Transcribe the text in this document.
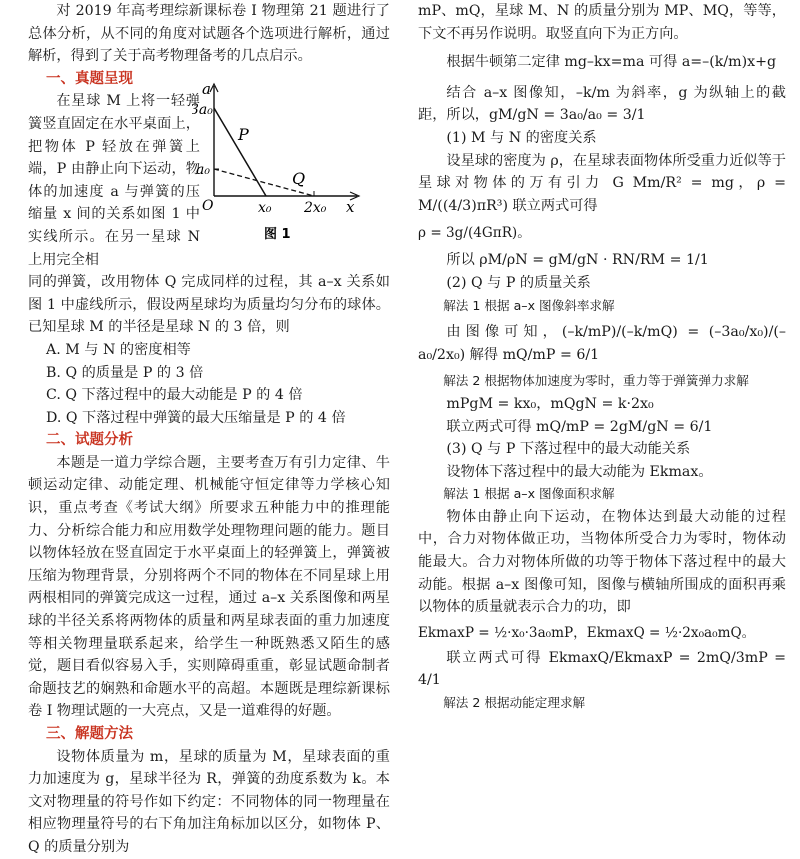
对 2019 年高考理综新课标卷 I 物理第 21 题进行了总体分析，从不同的角度对试题各个选项进行解析，通过解析，得到了关于高考物理备考的几点启示。

一、真题呈现

在星球 M 上将一轻弹簧竖直固定在水平桌面上，把物体 P 轻放在弹簧上端，P 由静止向下运动，物体的加速度 a 与弹簧的压缩量 x 间的关系如图 1 中实线所示。在另一星球 N 上用完全相

同的弹簧，改用物体 Q 完成同样的过程，其 a–x 关系如图 1 中虚线所示，假设两星球均为质量均匀分布的球体。已知星球 M 的半径是星球 N 的 3 倍，则

A. M 与 N 的密度相等

B. Q 的质量是 P 的 3 倍

C. Q 下落过程中的最大动能是 P 的 4 倍

D. Q 下落过程中弹簧的最大压缩量是 P 的 4 倍

二、试题分析

本题是一道力学综合题，主要考查万有引力定律、牛顿运动定律、动能定理、机械能守恒定律等力学核心知识，重点考查《考试大纲》所要求五种能力中的推理能力、分析综合能力和应用数学处理物理问题的能力。题目以物体轻放在竖直固定于水平桌面上的轻弹簧上，弹簧被压缩为物理背景，分别将两个不同的物体在不同星球上用两根相同的弹簧完成这一过程，通过 a–x 关系图像和两星球的半径关系将两物体的质量和两星球表面的重力加速度等相关物理量联系起来，给学生一种既熟悉又陌生的感觉，题目看似容易入手，实则障碍重重，彰显试题命制者命题技艺的娴熟和命题水平的高超。本题既是理综新课标卷 I 物理试题的一大亮点，又是一道难得的好题。

三、解题方法

设物体质量为 m，星球的质量为 M，星球表面的重力加速度为 g，星球半径为 R，弹簧的劲度系数为 k。本文对物理量的符号作如下约定：不同物体的同一物理量在相应物理量符号的右下角加注角标加以区分，如物体 P、Q 的质量分别为

a
3a₀
a₀
P
Q
O	x₀ 2x₀ x
图 1

mP、mQ，星球 M、N 的质量分别为 MP、MQ，等等，下文不再另作说明。取竖直向下为正方向。

根据牛顿第二定律 mg–kx=ma 可得 a=–(k/m)x+g

结合 a–x 图像知，–k/m 为斜率，g 为纵轴上的截距，所以，gM/gN = 3a₀/a₀ = 3/1

(1) M 与 N 的密度关系

设星球的密度为 ρ，在星球表面物体所受重力近似等于星球对物体的万有引力 G Mm/R² = mg，ρ = M/((4/3)πR³) 联立两式可得

ρ = 3g/(4GπR)。

所以 ρM/ρN = gM/gN · RN/RM = 1/1

(2) Q 与 P 的质量关系

解法 1 根据 a–x 图像斜率求解

由图像可知，(–k/mP)/(–k/mQ) = (–3a₀/x₀)/(–a₀/2x₀) 解得 mQ/mP = 6/1

解法 2 根据物体加速度为零时，重力等于弹簧弹力求解

mPgM = kx₀，mQgN = k·2x₀

联立两式可得 mQ/mP = 2gM/gN = 6/1

(3) Q 与 P 下落过程中的最大动能关系

设物体下落过程中的最大动能为 Ekmax。

解法 1 根据 a–x 图像面积求解

物体由静止向下运动，在物体达到最大动能的过程中，合力对物体做正功，当物体所受合力为零时，物体动能最大。合力对物体所做的功等于物体下落过程中的最大动能。根据 a–x 图像可知，图像与横轴所围成的面积再乘以物体的质量就表示合力的功，即

EkmaxP = ½·x₀·3a₀mP，EkmaxQ = ½·2x₀a₀mQ。

联立两式可得 EkmaxQ/EkmaxP = 2mQ/3mP = 4/1

解法 2 根据动能定理求解
